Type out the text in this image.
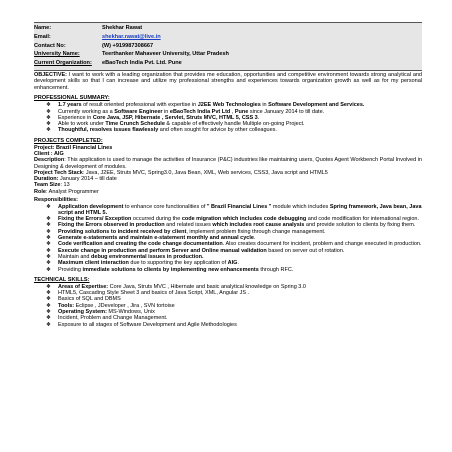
Name:	Shekhar Rawat
Email:	shekhar.rawat@live.in
Contact No:	(W) +919987308667
University Name:	Teerthanker Mahaveer University, Uttar Pradesh
Current Organization:	eBaoTech India Pvt. Ltd. Pune
OBJECTIVE: I want to work with a leading organization that provides me education, opportunities and competitive environment towards strong analytical and development skills so that I can increase and utilize my professional strengths and experiences towards organization growth as well as for my personal enhancement.
PROFESSIONAL SUMMARY:
❖ 1.7 years of result oriented professional with expertise in J2EE Web Technologies in Software Development and Services.
❖ Currently working as a Software Engineer in eBaoTech India Pvt Ltd , Pune since January 2014 to till date.
❖ Experience in Core Java, JSP, Hibernate , Servlet, Struts MVC, HTML 5, CSS 3.
❖ Able to work under Time Crunch Schedule & capable of effectively handle Multiple on-going Project.
❖ Thoughtful, resolves issues flawlessly and often sought for advice by other colleagues.
PROJECTS COMPLETED:
Project: Brazil Financial Lines
Client : AIG
Description: This application is used to manage the activities of Insurance (P&C) industries like maintaining users, Quotes Agent Workbench Portal Involved in Designing & development of modules.
Project Tech Stack: Java, J2EE, Struts MVC, Spring3.0, Java Bean, XML, Web services, CSS3, Java script and HTML5
Duration: January 2014 – till date
Team Size: 13
Role: Analyst Programmer
Responsibilities:
❖ Application development to enhance core functionalities of " Brazil Financial Lines " module which includes Spring framework, Java bean, Java script and HTML 5.
❖ Fixing the Errors/ Exception occurred during the code migration which includes code debugging and code modification for international region.
❖ Fixing the Errors observed in production and related issues which includes root cause analysis and provide solution to clients by fixing them.
❖ Providing solutions to incident received by client, implement problem fixing through change management.
❖ Generate e-statements and maintain e-statement monthly and annual cycle.
❖ Code verification and creating the code change documentation. Also creates document for incident, problem and change executed in production.
❖ Execute change in production and perform Server and Online manual validation based on server out of rotation.
❖ Maintain and debug environmental issues in production.
❖ Maximum client interaction due to supporting the key application of AIG.
❖ Providing immediate solutions to clients by implementing new enhancements through RFC.
TECHNICAL SKILLS:
❖ Areas of Expertise: Core Java, Struts MVC , Hibernate and basic analytical knowledge on Spring 3.0
❖ HTML5, Cascading Style Sheet 3 and basics of Java Script, XML, Angular JS .
❖ Basics of SQL and DBMS
❖ Tools: Eclipse , JDeveloper , Jira , SVN tortoise
❖ Operating System: MS-Windows, Unix
❖ Incident, Problem and Change Management.
❖ Exposure to all stages of Software Development and Agile Methodologies
